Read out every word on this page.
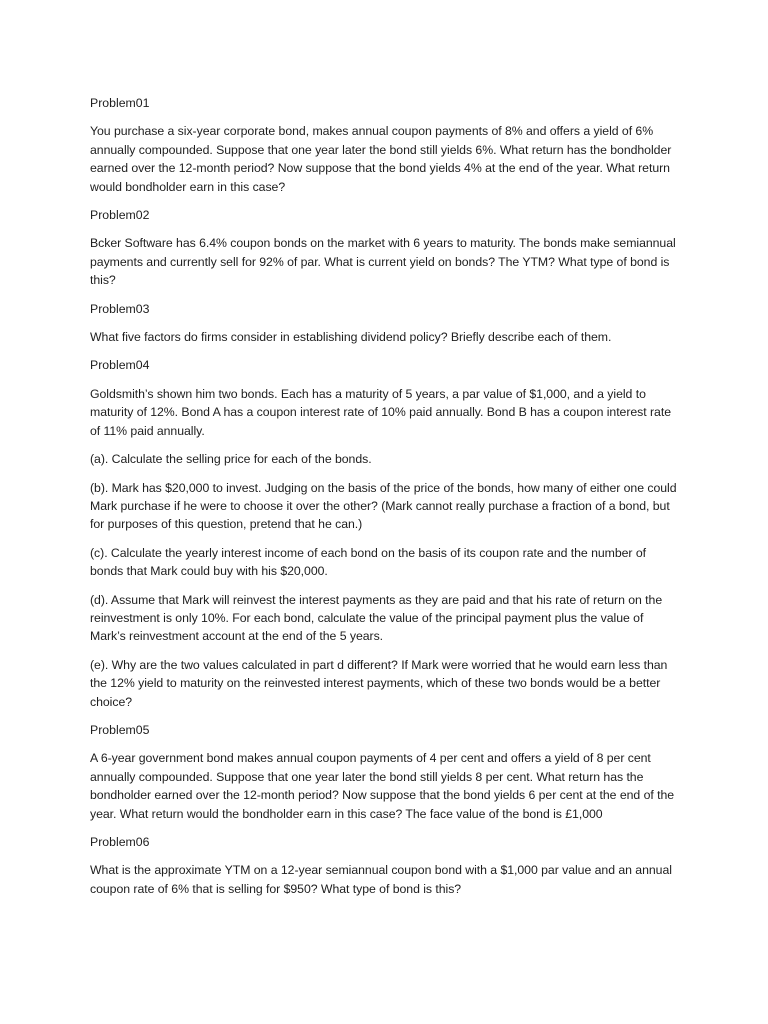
Problem01
You purchase a six-year corporate bond, makes annual coupon payments of 8% and offers a yield of 6% annually compounded. Suppose that one year later the bond still yields 6%. What return has the bondholder earned over the 12-month period? Now suppose that the bond yields 4% at the end of the year. What return would bondholder earn in this case?
Problem02
Bcker Software has 6.4% coupon bonds on the market with 6 years to maturity. The bonds make semiannual payments and currently sell for 92% of par. What is current yield on bonds? The YTM? What type of bond is this?
Problem03
What five factors do firms consider in establishing dividend policy? Briefly describe each of them.
Problem04
Goldsmith’s shown him two bonds. Each has a maturity of 5 years, a par value of $1,000, and a yield to maturity of 12%. Bond A has a coupon interest rate of 10% paid annually. Bond B has a coupon interest rate of 11% paid annually.
(a). Calculate the selling price for each of the bonds.
(b). Mark has $20,000 to invest. Judging on the basis of the price of the bonds, how many of either one could Mark purchase if he were to choose it over the other? (Mark cannot really purchase a fraction of a bond, but for purposes of this question, pretend that he can.)
(c). Calculate the yearly interest income of each bond on the basis of its coupon rate and the number of bonds that Mark could buy with his $20,000.
(d). Assume that Mark will reinvest the interest payments as they are paid and that his rate of return on the reinvestment is only 10%. For each bond, calculate the value of the principal payment plus the value of Mark’s reinvestment account at the end of the 5 years.
(e). Why are the two values calculated in part d different? If Mark were worried that he would earn less than the 12% yield to maturity on the reinvested interest payments, which of these two bonds would be a better choice?
Problem05
A 6-year government bond makes annual coupon payments of 4 per cent and offers a yield of 8 per cent annually compounded. Suppose that one year later the bond still yields 8 per cent. What return has the bondholder earned over the 12-month period? Now suppose that the bond yields 6 per cent at the end of the year. What return would the bondholder earn in this case? The face value of the bond is £1,000
Problem06
What is the approximate YTM on a 12-year semiannual coupon bond with a $1,000 par value and an annual coupon rate of 6% that is selling for $950? What type of bond is this?
